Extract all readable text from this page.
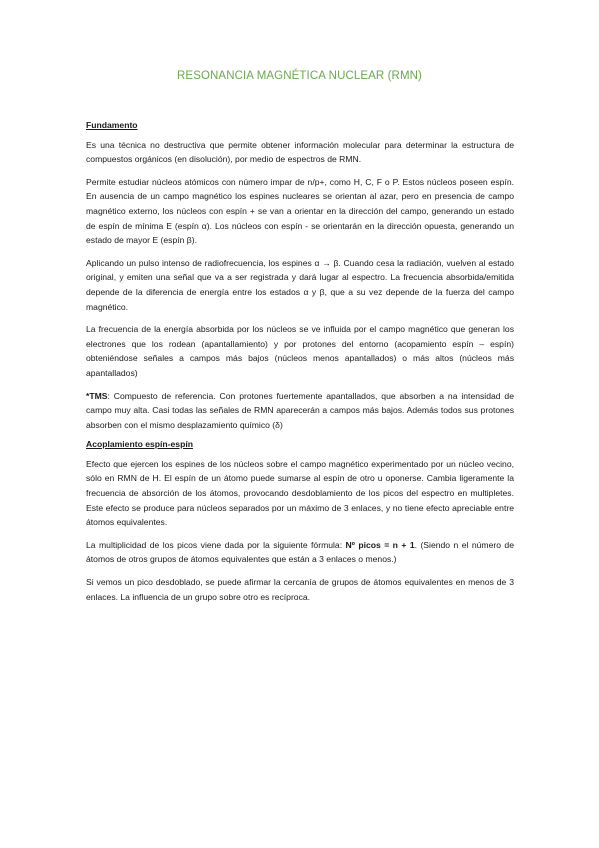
RESONANCIA MAGNÉTICA NUCLEAR (RMN)
Fundamento

Es una técnica no destructiva que permite obtener información molecular para determinar la estructura de compuestos orgánicos (en disolución), por medio de espectros de RMN.

Permite estudiar núcleos atómicos con número impar de n/p+, como H, C, F o P. Estos núcleos poseen espín. En ausencia de un campo magnético los espines nucleares se orientan al azar, pero en presencia de campo magnético externo, los núcleos con espín + se van a orientar en la dirección del campo, generando un estado de espín de mínima E (espín α). Los núcleos con espín - se orientarán en la dirección opuesta, generando un estado de mayor E (espín β).

Aplicando un pulso intenso de radiofrecuencia, los espines α → β. Cuando cesa la radiación, vuelven al estado original, y emiten una señal que va a ser registrada y dará lugar al espectro. La frecuencia absorbida/emitida depende de la diferencia de energía entre los estados α y β, que a su vez depende de la fuerza del campo magnético.

La frecuencia de la energía absorbida por los núcleos se ve influida por el campo magnético que generan los electrones que los rodean (apantallamiento) y por protones del entorno (acopamiento espín – espín) obteniéndose señales a campos más bajos (núcleos menos apantallados) o más altos (núcleos más apantallados)

*TMS: Compuesto de referencia. Con protones fuertemente apantallados, que absorben a na intensidad de campo muy alta. Casi todas las señales de RMN aparecerán a campos más bajos. Además todos sus protones absorben con el mismo desplazamiento químico (δ)

Acoplamiento espín-espín

Efecto que ejercen los espines de los núcleos sobre el campo magnético experimentado por un núcleo vecino, sólo en RMN de H. El espín de un átomo puede sumarse al espín de otro u oponerse. Cambia ligeramente la frecuencia de absorción de los átomos, provocando desdoblamiento de los picos del espectro en multipletes. Este efecto se produce para núcleos separados por un máximo de 3 enlaces, y no tiene efecto apreciable entre átomos equivalentes.

La multiplicidad de los picos viene dada por la siguiente fórmula: Nº picos = n + 1. (Siendo n el número de átomos de otros grupos de átomos equivalentes que están a 3 enlaces o menos.)

Si vemos un pico desdoblado, se puede afirmar la cercanía de grupos de átomos equivalentes en menos de 3 enlaces. La influencia de un grupo sobre otro es recíproca.
